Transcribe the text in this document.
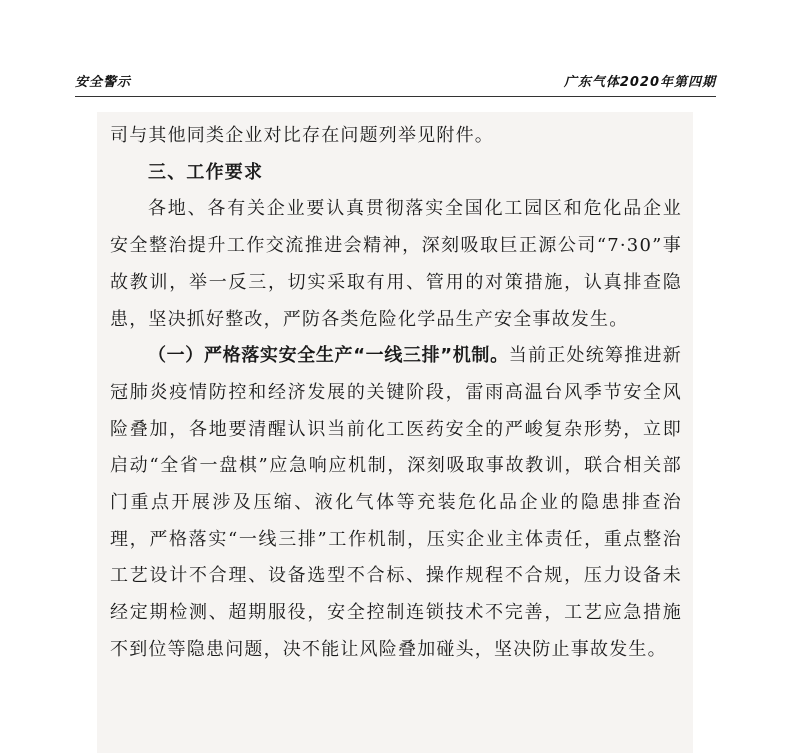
安全警示	广东气体2020年第四期

司与其他同类企业对比存在问题列举见附件。

三、工作要求

各地、各有关企业要认真贯彻落实全国化工园区和危化品企业安全整治提升工作交流推进会精神，深刻吸取巨正源公司“7·30”事故教训，举一反三，切实采取有用、管用的对策措施，认真排查隐患，坚决抓好整改，严防各类危险化学品生产安全事故发生。

（一）严格落实安全生产“一线三排”机制。当前正处统筹推进新冠肺炎疫情防控和经济发展的关键阶段，雷雨高温台风季节安全风险叠加，各地要清醒认识当前化工医药安全的严峻复杂形势，立即启动“全省一盘棋”应急响应机制，深刻吸取事故教训，联合相关部门重点开展涉及压缩、液化气体等充装危化品企业的隐患排查治理，严格落实“一线三排”工作机制，压实企业主体责任，重点整治工艺设计不合理、设备选型不合标、操作规程不合规，压力设备未经定期检测、超期服役，安全控制连锁技术不完善，工艺应急措施不到位等隐患问题，决不能让风险叠加碰头，坚决防止事故发生。
